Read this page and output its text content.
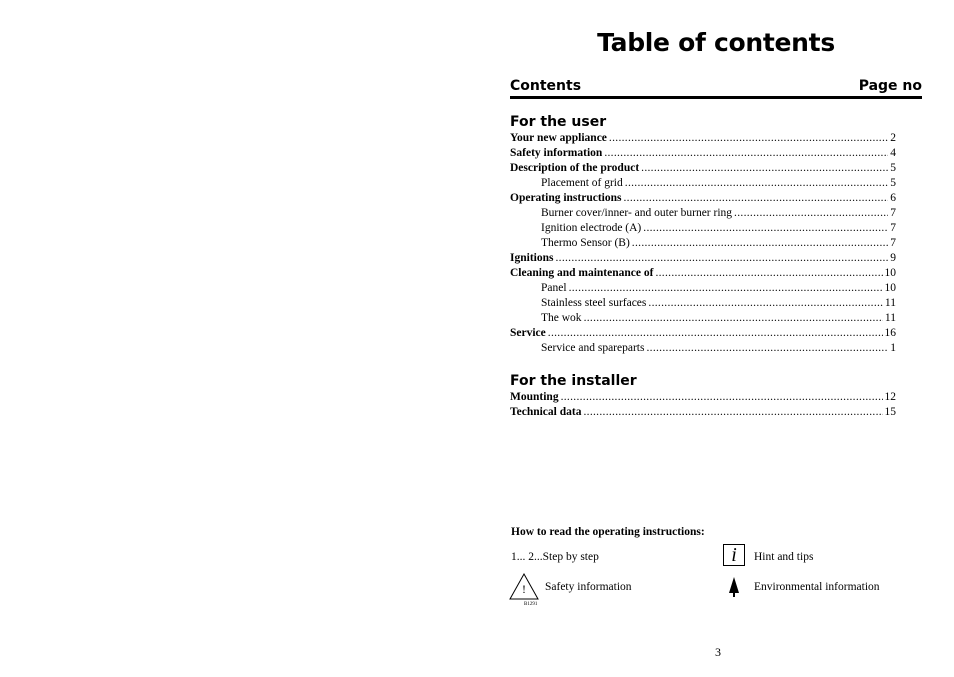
Table of contents
Contents	Page no
For the user
Your new appliance .....	2
Safety information .....	4
Description of the product .....	5
Placement of grid .....	5
Operating instructions .....	6
Burner cover/inner- and outer burner ring .....	7
Ignition electrode (A) .....	7
Thermo Sensor (B) .....	7
Ignitions .....	9
Cleaning and maintenance of .....	10
Panel .....	10
Stainless steel surfaces .....	11
The wok .....	11
Service .....	16
Service and spareparts .....	1
For the installer
Mounting .....	12
Technical data .....	15
How to read the operating instructions:
1... 2...Step by step	i	Hint and tips
! Safety information
B1291
Environmental information
3
